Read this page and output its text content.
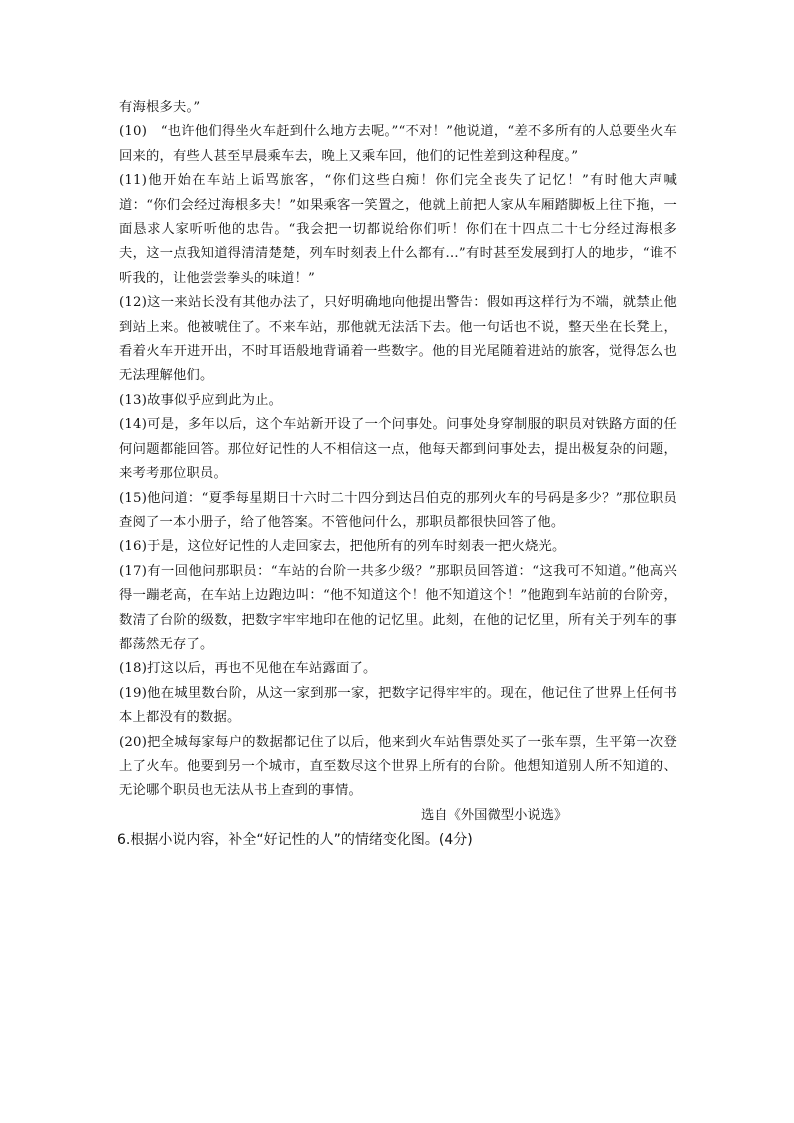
有海根多夫。”

(10)　“也许他们得坐火车赶到什么地方去呢。”“不对！”他说道，“差不多所有的人总要坐火车回来的，有些人甚至早晨乘车去，晚上又乘车回，他们的记性差到这种程度。”

(11)他开始在车站上诟骂旅客，“你们这些白痴！你们完全丧失了记忆！”有时他大声喊道：“你们会经过海根多夫！”如果乘客一笑置之，他就上前把人家从车厢踏脚板上往下拖，一面恳求人家听听他的忠告。“我会把一切都说给你们听！你们在十四点二十七分经过海根多夫，这一点我知道得清清楚楚，列车时刻表上什么都有…”有时甚至发展到打人的地步，“谁不听我的，让他尝尝拳头的味道！”

(12)这一来站长没有其他办法了，只好明确地向他提出警告：假如再这样行为不端，就禁止他到站上来。他被唬住了。不来车站，那他就无法活下去。他一句话也不说，整天坐在长凳上，看着火车开进开出，不时耳语般地背诵着一些数字。他的目光尾随着进站的旅客，觉得怎么也无法理解他们。

(13)故事似乎应到此为止。

(14)可是，多年以后，这个车站新开设了一个问事处。问事处身穿制服的职员对铁路方面的任何问题都能回答。那位好记性的人不相信这一点，他每天都到问事处去，提出极复杂的问题，来考考那位职员。

(15)他问道：“夏季每星期日十六时二十四分到达吕伯克的那列火车的号码是多少？”那位职员查阅了一本小册子，给了他答案。不管他问什么，那职员都很快回答了他。

(16)于是，这位好记性的人走回家去，把他所有的列车时刻表一把火烧光。

(17)有一回他问那职员：“车站的台阶一共多少级？”那职员回答道：“这我可不知道。”他高兴得一蹦老高，在车站上边跑边叫：“他不知道这个！他不知道这个！”他跑到车站前的台阶旁，数清了台阶的级数，把数字牢牢地印在他的记忆里。此刻，在他的记忆里，所有关于列车的事都荡然无存了。

(18)打这以后，再也不见他在车站露面了。

(19)他在城里数台阶，从这一家到那一家，把数字记得牢牢的。现在，他记住了世界上任何书本上都没有的数据。

(20)把全城每家每户的数据都记住了以后，他来到火车站售票处买了一张车票，生平第一次登上了火车。他要到另一个城市，直至数尽这个世界上所有的台阶。他想知道别人所不知道的、无论哪个职员也无法从书上查到的事情。

选自《外国微型小说选》

6.根据小说内容，补全“好记性的人”的情绪变化图。(4分)
